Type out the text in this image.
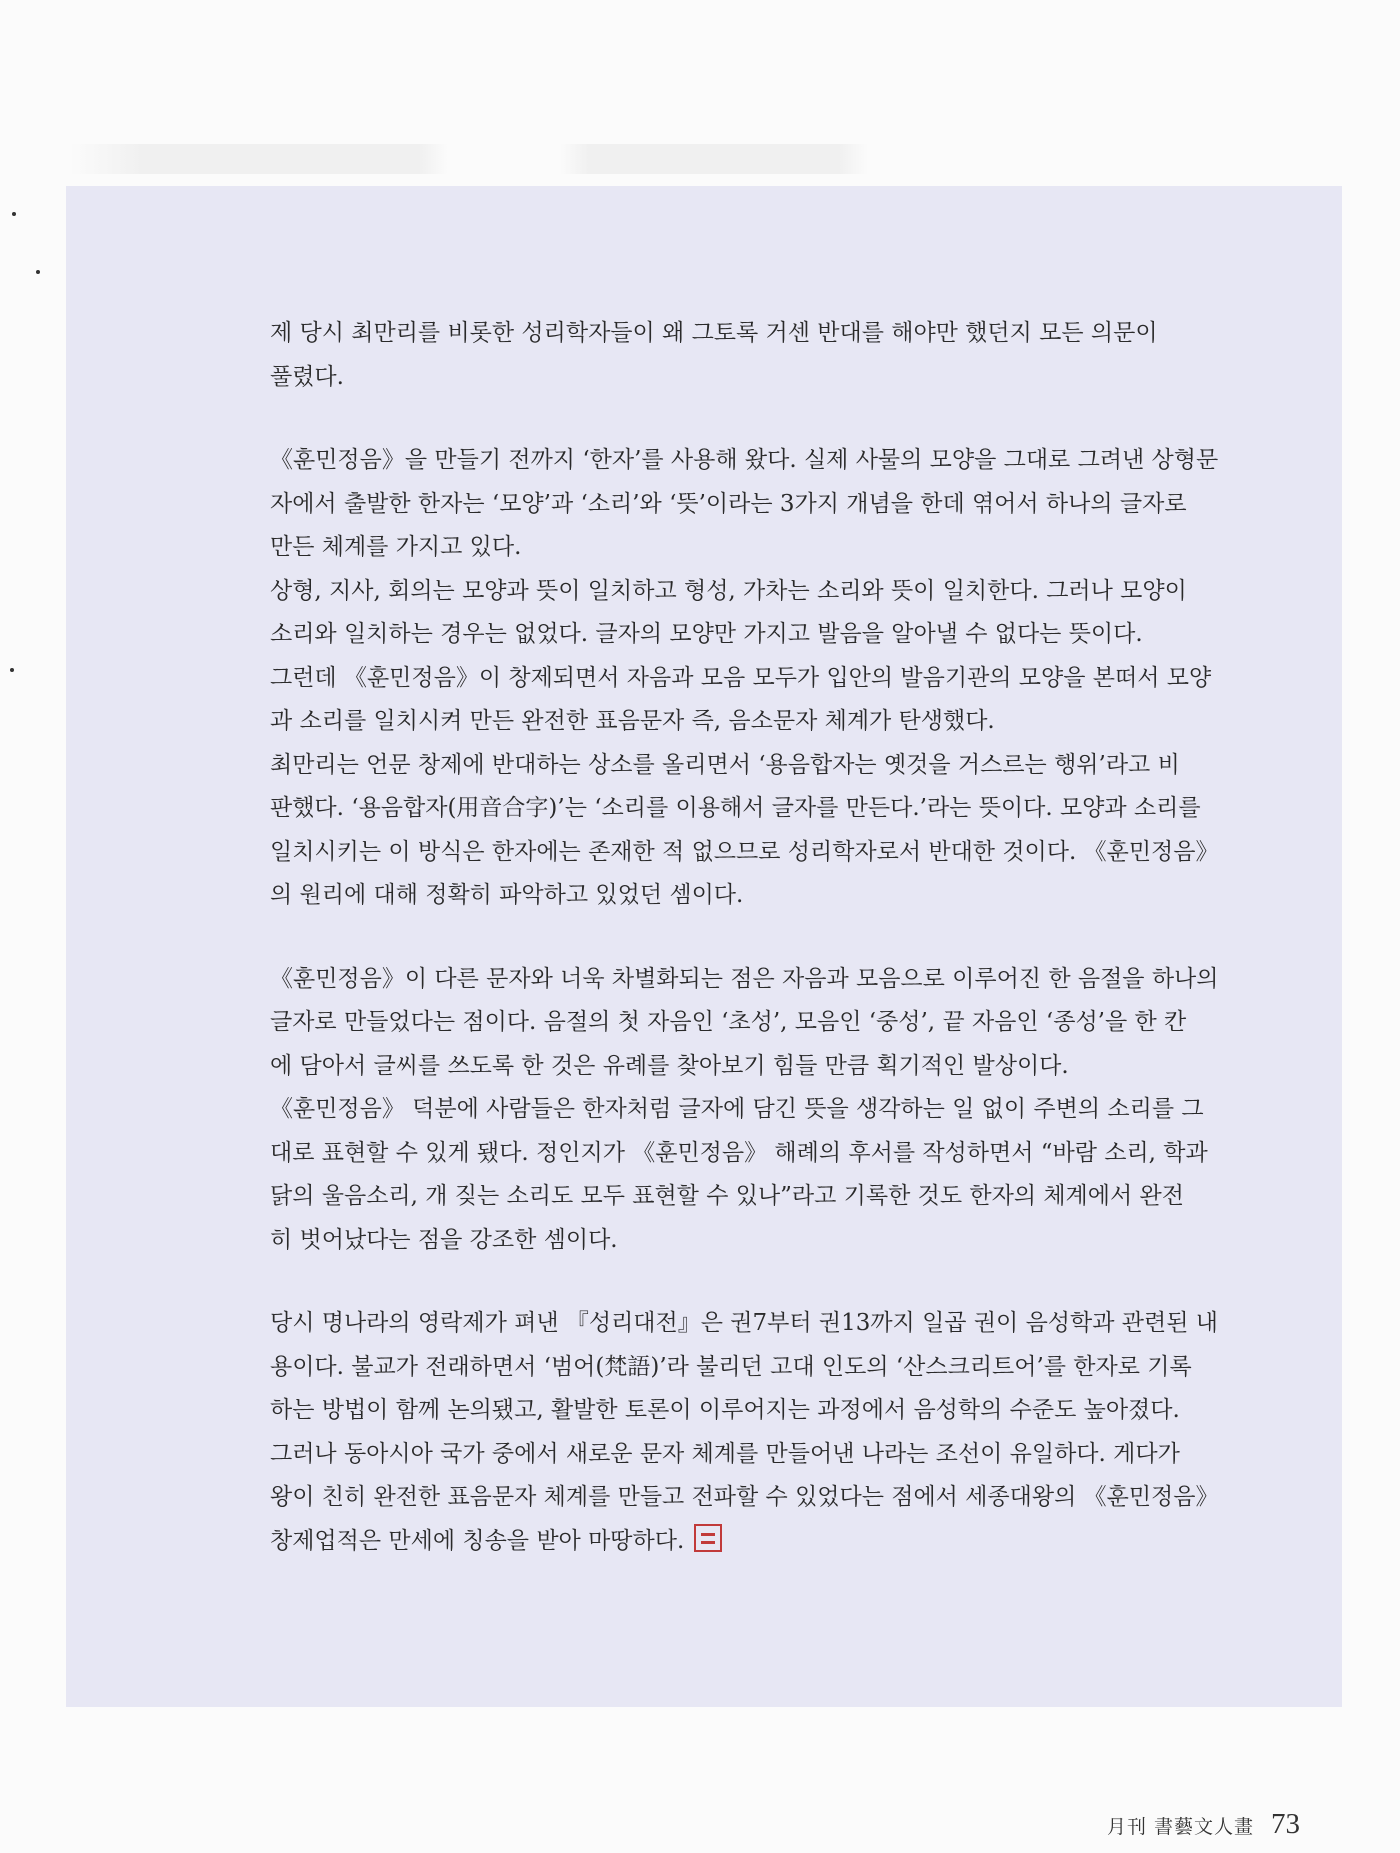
제 당시 최만리를 비롯한 성리학자들이 왜 그토록 거센 반대를 해야만 했던지 모든 의문이
풀렸다.
《훈민정음》을 만들기 전까지 ‘한자’를 사용해 왔다. 실제 사물의 모양을 그대로 그려낸 상형문
자에서 출발한 한자는 ‘모양’과 ‘소리’와 ‘뜻’이라는 3가지 개념을 한데 엮어서 하나의 글자로
만든 체계를 가지고 있다.
상형, 지사, 회의는 모양과 뜻이 일치하고 형성, 가차는 소리와 뜻이 일치한다. 그러나 모양이
소리와 일치하는 경우는 없었다. 글자의 모양만 가지고 발음을 알아낼 수 없다는 뜻이다.
그런데 《훈민정음》이 창제되면서 자음과 모음 모두가 입안의 발음기관의 모양을 본떠서 모양
과 소리를 일치시켜 만든 완전한 표음문자 즉, 음소문자 체계가 탄생했다.
최만리는 언문 창제에 반대하는 상소를 올리면서 ‘용음합자는 옛것을 거스르는 행위’라고 비
판했다. ‘용음합자(用音合字)’는 ‘소리를 이용해서 글자를 만든다.’라는 뜻이다. 모양과 소리를
일치시키는 이 방식은 한자에는 존재한 적 없으므로 성리학자로서 반대한 것이다. 《훈민정음》
의 원리에 대해 정확히 파악하고 있었던 셈이다.
《훈민정음》이 다른 문자와 너욱 차별화되는 점은 자음과 모음으로 이루어진 한 음절을 하나의
글자로 만들었다는 점이다. 음절의 첫 자음인 ‘초성’, 모음인 ‘중성’, 끝 자음인 ‘종성’을 한 칸
에 담아서 글씨를 쓰도록 한 것은 유례를 찾아보기 힘들 만큼 획기적인 발상이다.
《훈민정음》 덕분에 사람들은 한자처럼 글자에 담긴 뜻을 생각하는 일 없이 주변의 소리를 그
대로 표현할 수 있게 됐다. 정인지가 《훈민정음》 해례의 후서를 작성하면서 “바람 소리, 학과
닭의 울음소리, 개 짖는 소리도 모두 표현할 수 있나”라고 기록한 것도 한자의 체계에서 완전
히 벗어났다는 점을 강조한 셈이다.
당시 명나라의 영락제가 펴낸 『성리대전』은 권7부터 권13까지 일곱 권이 음성학과 관련된 내
용이다. 불교가 전래하면서 ‘범어(梵語)’라 불리던 고대 인도의 ‘산스크리트어’를 한자로 기록
하는 방법이 함께 논의됐고, 활발한 토론이 이루어지는 과정에서 음성학의 수준도 높아졌다.
그러나 동아시아 국가 중에서 새로운 문자 체계를 만들어낸 나라는 조선이 유일하다. 게다가
왕이 친히 완전한 표음문자 체계를 만들고 전파할 수 있었다는 점에서 세종대왕의 《훈민정음》
창제업적은 만세에 칭송을 받아 마땅하다.
月刊 書藝文人畫 73
